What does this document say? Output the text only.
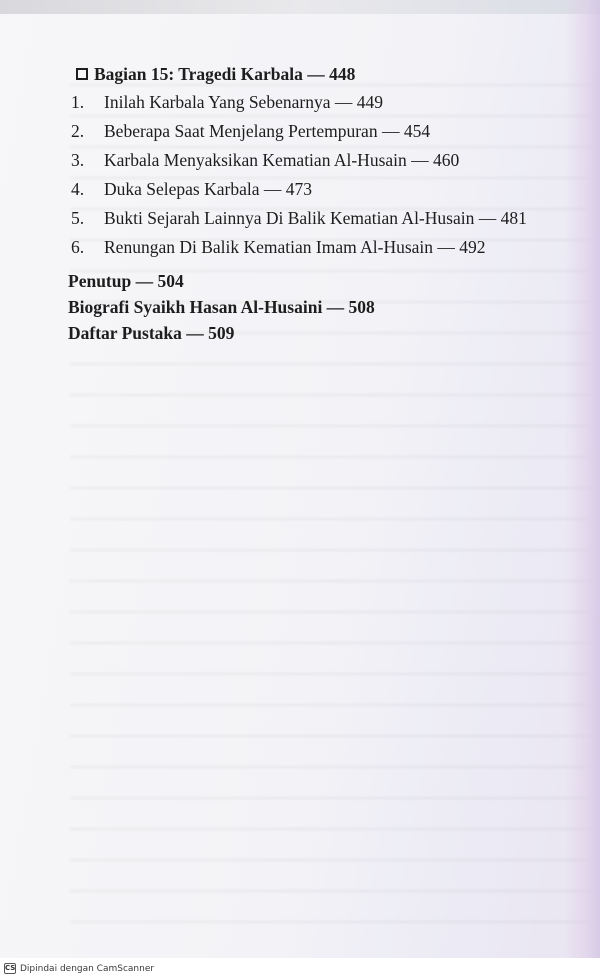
Bagian 15: Tragedi Karbala — 448
1. Inilah Karbala Yang Sebenarnya — 449
2. Beberapa Saat Menjelang Pertempuran — 454
3. Karbala Menyaksikan Kematian Al-Husain — 460
4. Duka Selepas Karbala — 473
5. Bukti Sejarah Lainnya Di Balik Kematian Al-Husain — 481
6. Renungan Di Balik Kematian Imam Al-Husain — 492
Penutup — 504
Biografi Syaikh Hasan Al-Husaini — 508
Daftar Pustaka — 509
CS Dipindai dengan CamScanner
